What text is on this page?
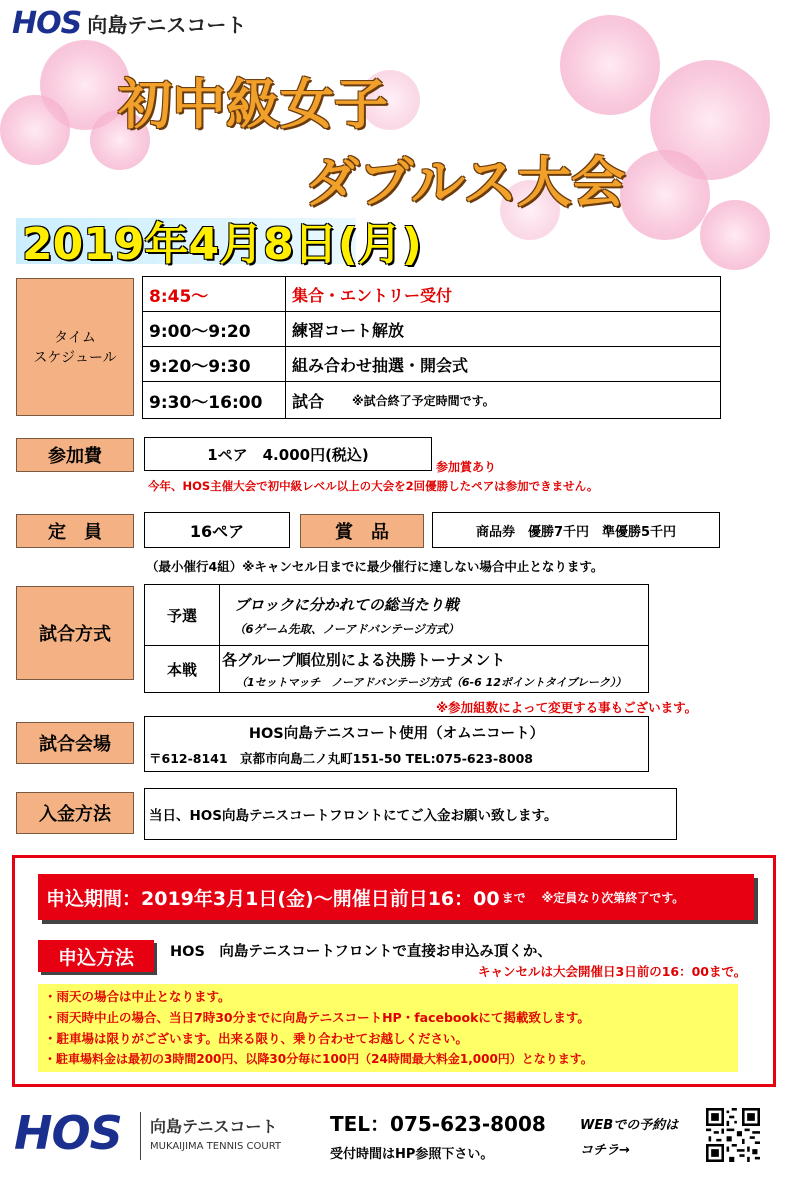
HOS 向島テニスコート
初中級女子
ダブルス大会
2019年4月8日(月)
タイム
スケジュール
8:45～	集合・エントリー受付
9:00～9:20	練習コート解放
9:20～9:30	組み合わせ抽選・開会式
9:30～16:00	試合 ※試合終了予定時間です。
参加費	1ペア　4.000円(税込)
参加賞あり
今年、HOS主催大会で初中級レベル以上の大会を2回優勝したペアは参加できません。
定　員	16ペア	賞　品	商品券　優勝7千円　準優勝5千円
（最小催行4組）※キャンセル日までに最少催行に達しない場合中止となります。
試合方式
予選
ブロックに分かれての総当たり戦
（6ゲーム先取、ノーアドバンテージ方式）
本戦
各グループ順位別による決勝トーナメント
（1セットマッチ　ノーアドバンテージ方式（6-6 12ポイントタイブレーク））
※参加組数によって変更する事もございます。
試合会場
HOS向島テニスコート使用（オムニコート）
〒612-8141　京都市向島二ノ丸町151-50 TEL:075-623-8008
入金方法	当日、HOS向島テニスコートフロントにてご入金お願い致します。
申込期間：2019年3月1日(金)～開催日前日16：00 まで ※定員なり次第終了です。
申込方法 HOS　向島テニスコートフロントで直接お申込み頂くか、
キャンセルは大会開催日3日前の16：00まで。
・雨天の場合は中止となります。
・雨天時中止の場合、当日7時30分までに向島テニスコートHP・facebookにて掲載致します。
・駐車場は限りがございます。出来る限り、乗り合わせてお越しください。
・駐車場料金は最初の3時間200円、以降30分毎に100円（24時間最大料金1,000円）となります。
HOS 向島テニスコート
MUKAIJIMA TENNIS COURT
TEL：075-623-8008
受付時間はHP参照下さい。
WEBでの予約は
コチラ→
